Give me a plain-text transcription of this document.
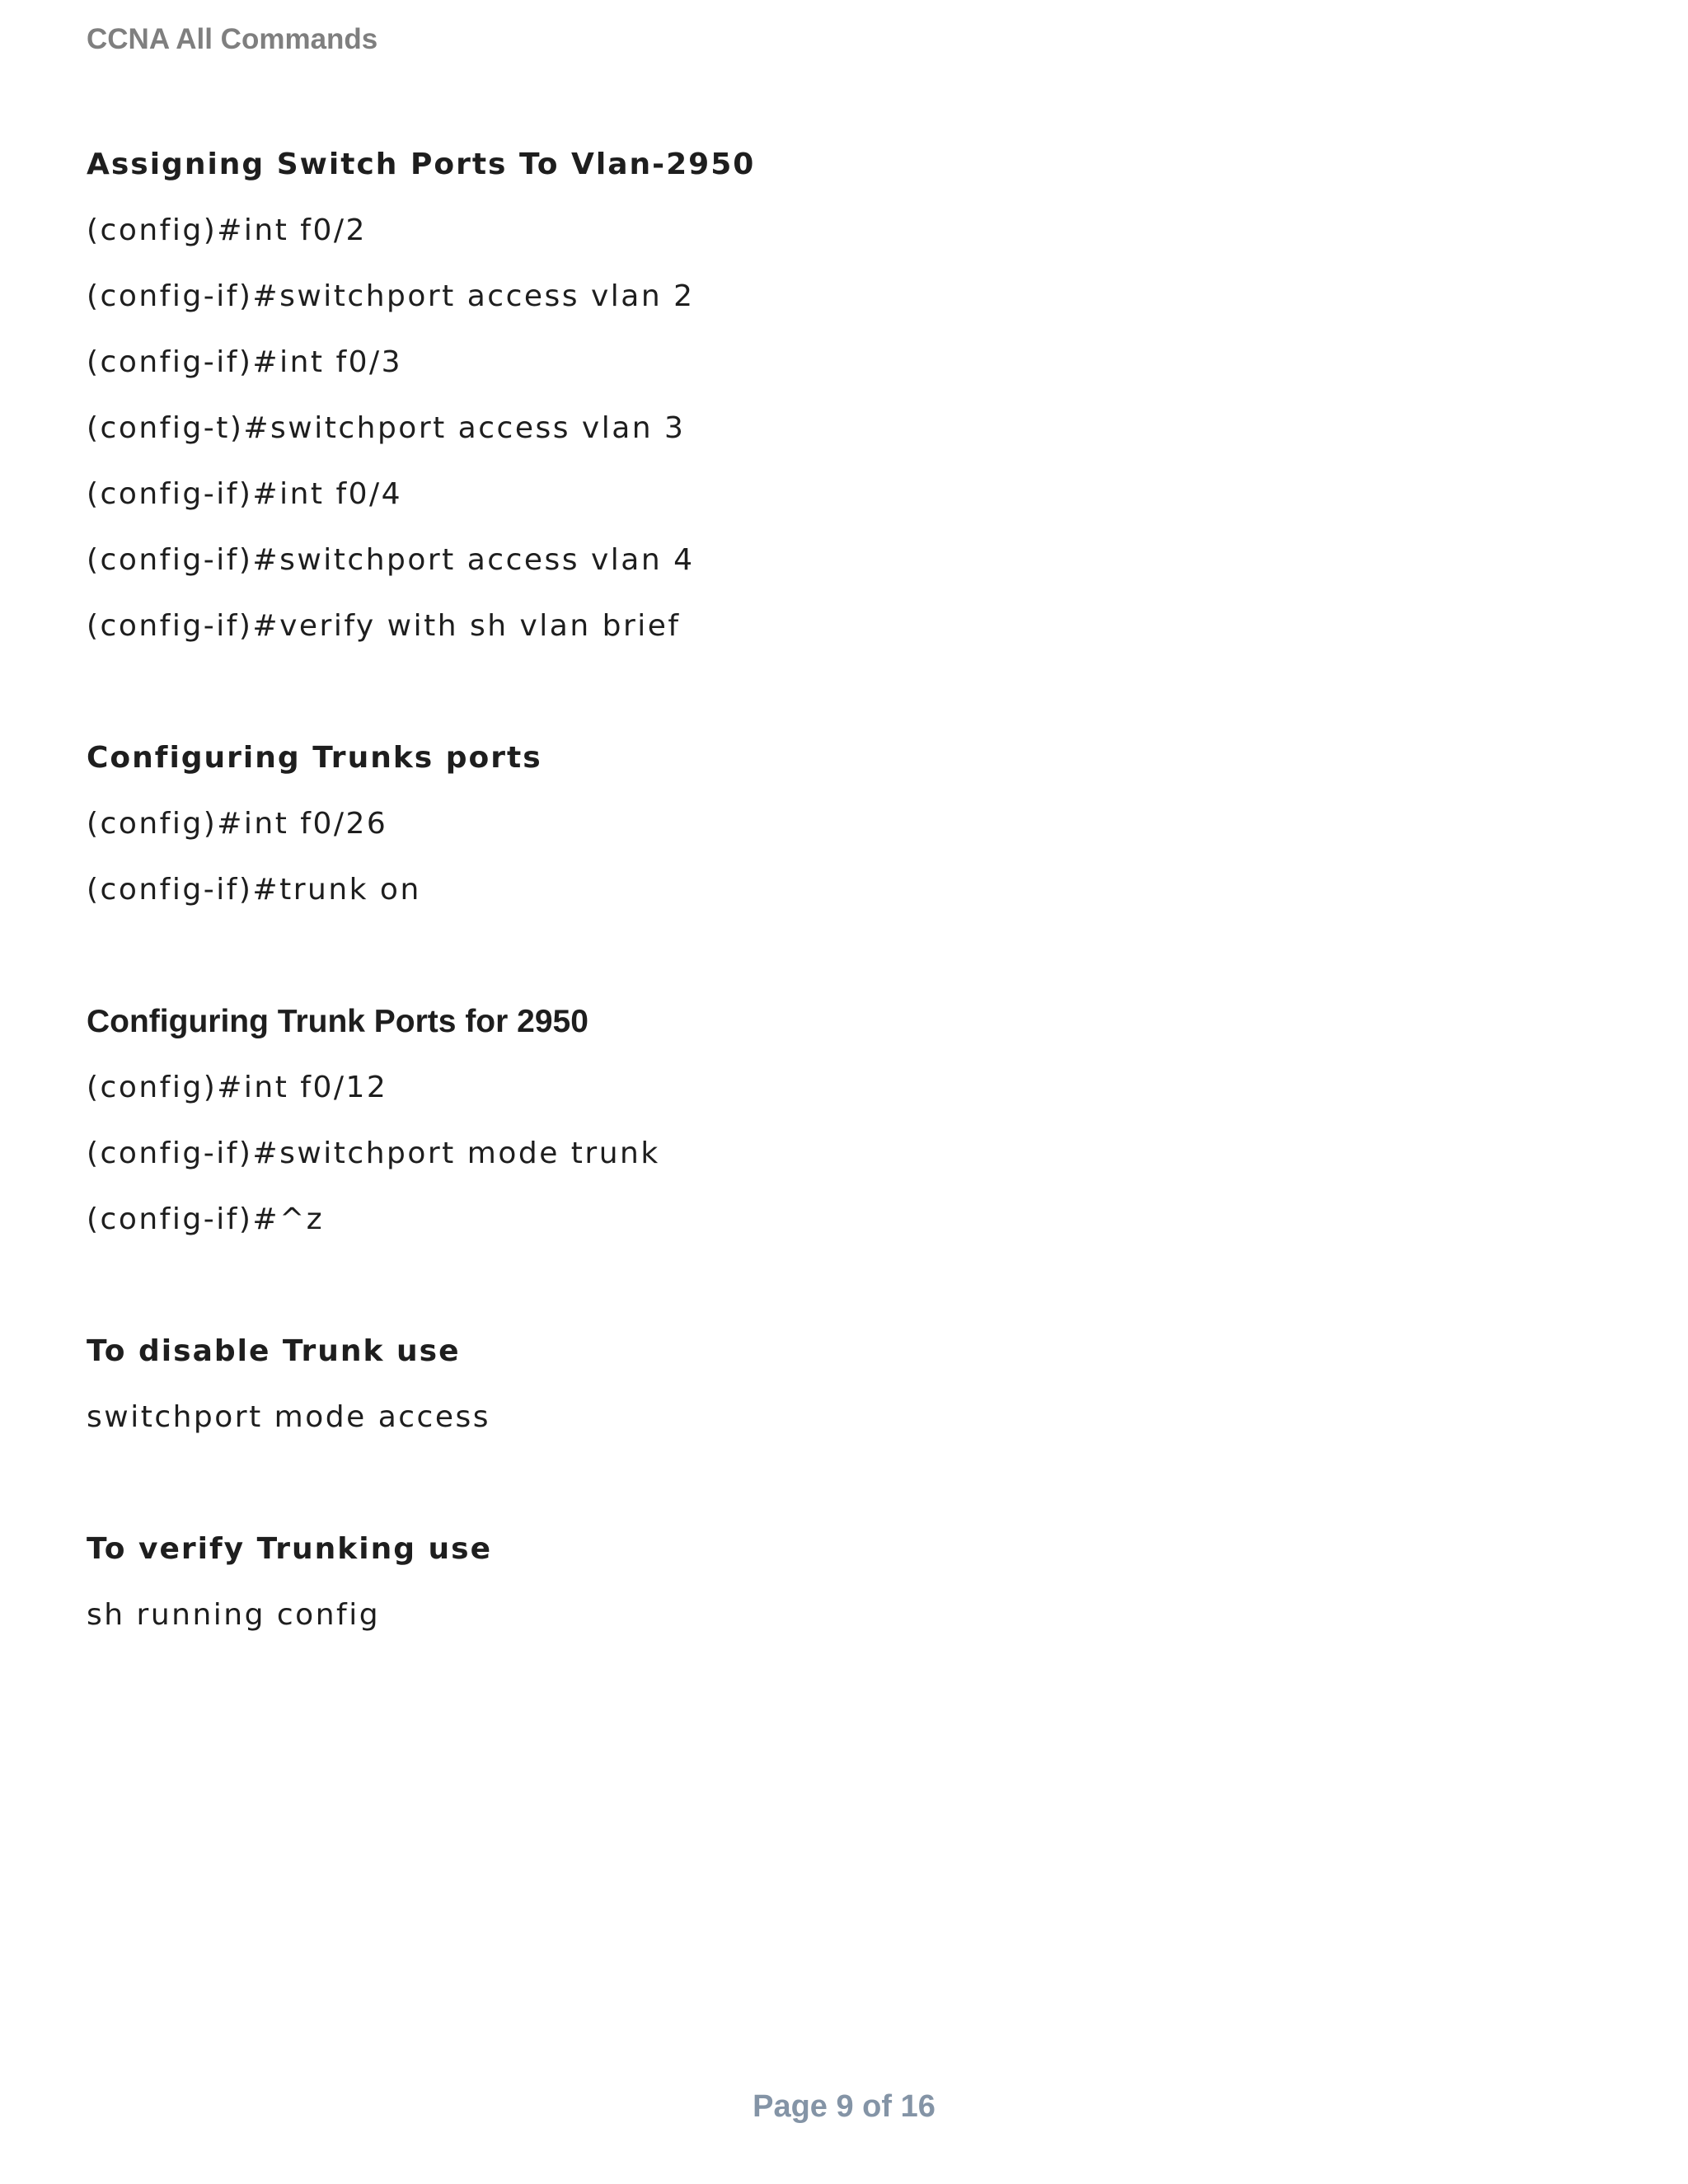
CCNA All Commands
Assigning Switch Ports To Vlan-2950
(config)#int f0/2
(config-if)#switchport access vlan 2
(config-if)#int f0/3
(config-t)#switchport access vlan 3
(config-if)#int f0/4
(config-if)#switchport access vlan 4
(config-if)#verify with sh vlan brief
Configuring Trunks ports
(config)#int f0/26
(config-if)#trunk on
Configuring Trunk Ports for 2950
(config)#int f0/12
(config-if)#switchport mode trunk
(config-if)#^z
To disable Trunk use
switchport mode access
To verify Trunking use
sh running config
Page 9 of 16
